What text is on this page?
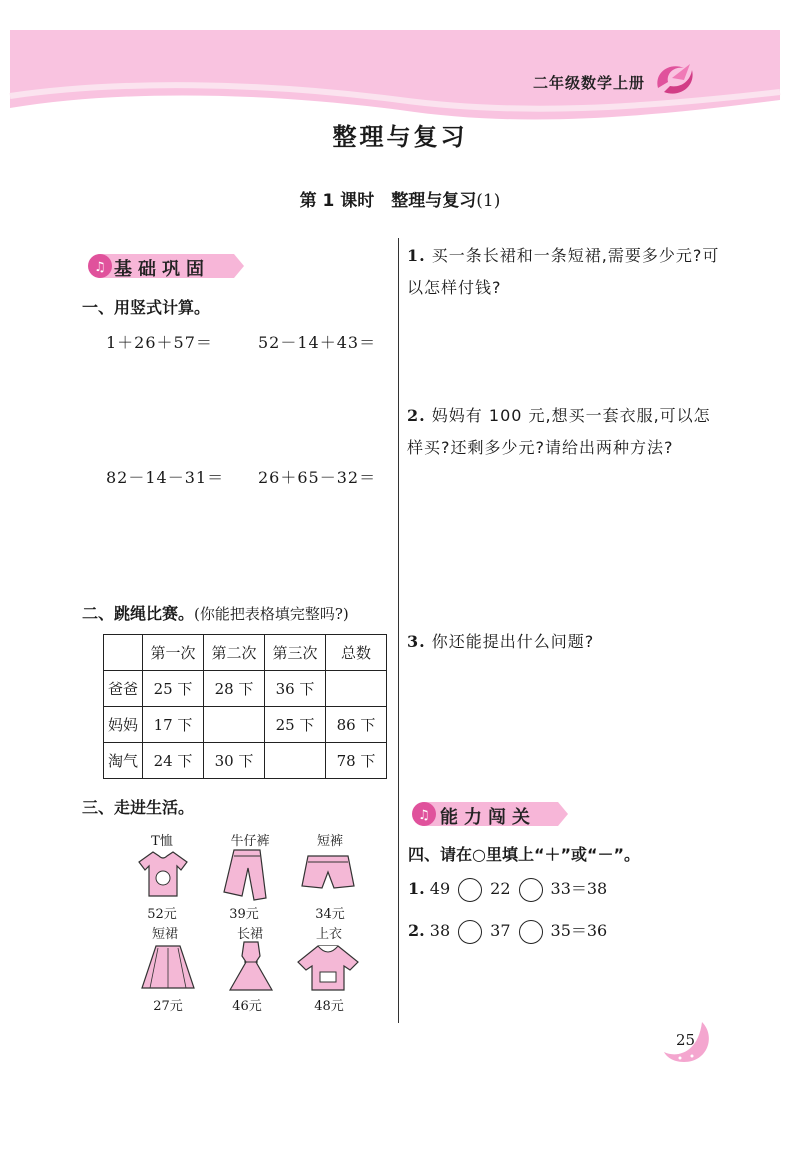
二年级数学上册
整理与复习
第 1 课时　整理与复习(1)
♫ 基础巩固
一、用竖式计算。
1＋26＋57＝	52－14＋43＝
82－14－31＝ 26＋65－32＝
二、跳绳比赛。(你能把表格填完整吗?)
	第一次	第二次	第三次	总数
爸爸	25 下	28 下	36 下	
妈妈	17 下		25 下	86 下
淘气	24 下	30 下		78 下
三、走进生活。
T恤	牛仔裤	短裤
52元	39元	34元
短裙	长裙	上衣
27元	46元	48元
1. 买一条长裙和一条短裙,需要多少元?可以怎样付钱?
2. 妈妈有 100 元,想买一套衣服,可以怎样买?还剩多少元?请给出两种方法?
3. 你还能提出什么问题?
♫ 能力闯关
四、请在○里填上“＋”或“－”。
1. 49	22	33＝38
2. 38	37	35＝36
25
